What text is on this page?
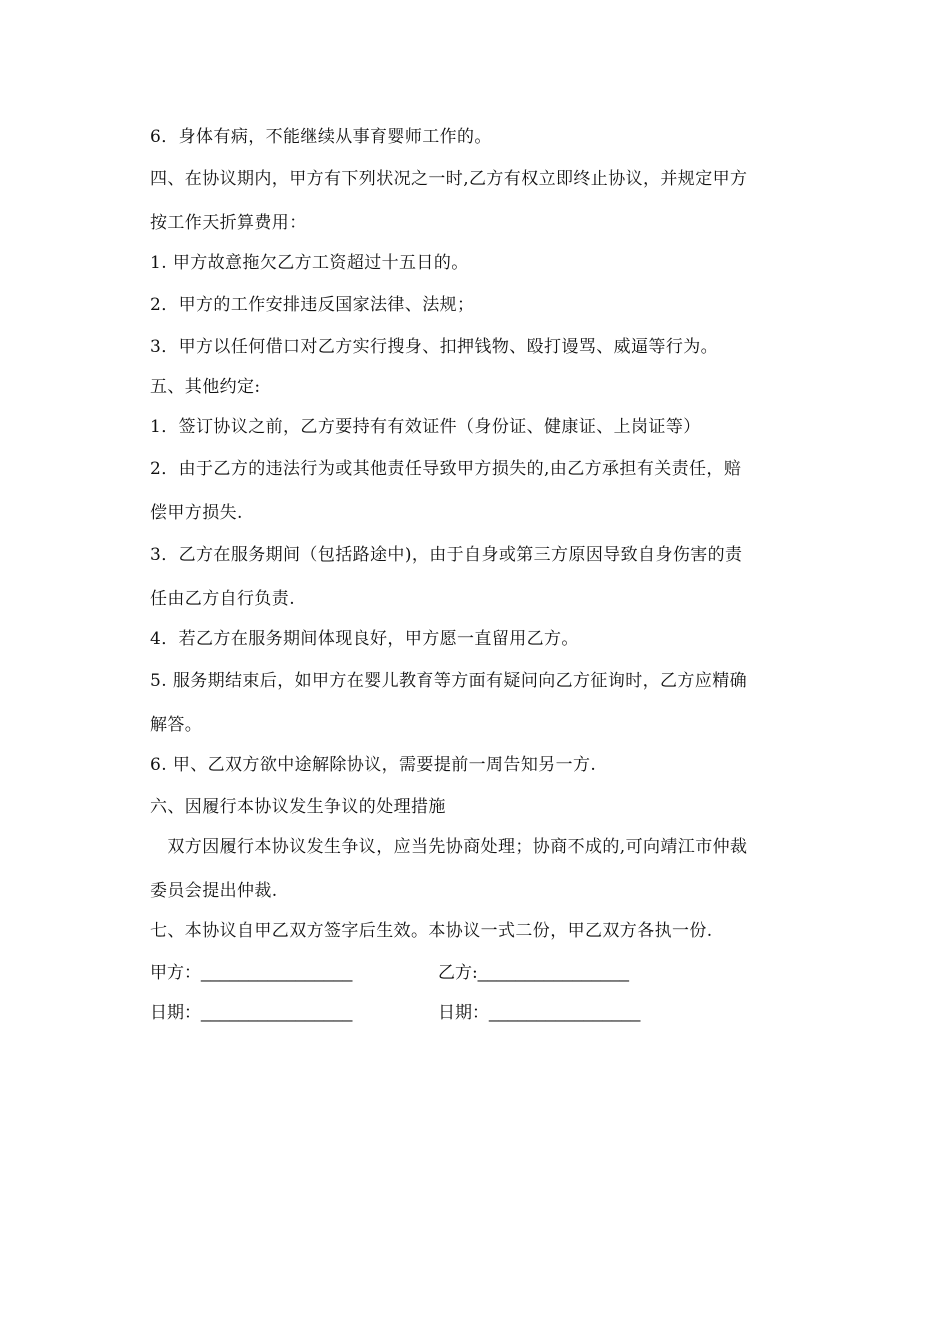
6．身体有病，不能继续从事育婴师工作的。

四、在协议期内，甲方有下列状况之一时,乙方有权立即终止协议，并规定甲方

按工作天折算费用：

1. 甲方故意拖欠乙方工资超过十五日的。

2．甲方的工作安排违反国家法律、法规；

3．甲方以任何借口对乙方实行搜身、扣押钱物、殴打谩骂、威逼等行为。

五、其他约定:

1．签订协议之前，乙方要持有有效证件（身份证、健康证、上岗证等）

2．由于乙方的违法行为或其他责任导致甲方损失的,由乙方承担有关责任，赔

偿甲方损失.

3．乙方在服务期间（包括路途中)，由于自身或第三方原因导致自身伤害的责

任由乙方自行负责.

4．若乙方在服务期间体现良好，甲方愿一直留用乙方。

5. 服务期结束后，如甲方在婴儿教育等方面有疑问向乙方征询时，乙方应精确

解答。

6. 甲、乙双方欲中途解除协议，需要提前一周告知另一方.

六、因履行本协议发生争议的处理措施

　双方因履行本协议发生争议，应当先协商处理；协商不成的,可向靖江市仲裁

委员会提出仲裁.

七、本协议自甲乙双方签字后生效。本协议一式二份，甲乙双方各执一份.

甲方：________________	乙方:________________

日期：________________	日期：________________
